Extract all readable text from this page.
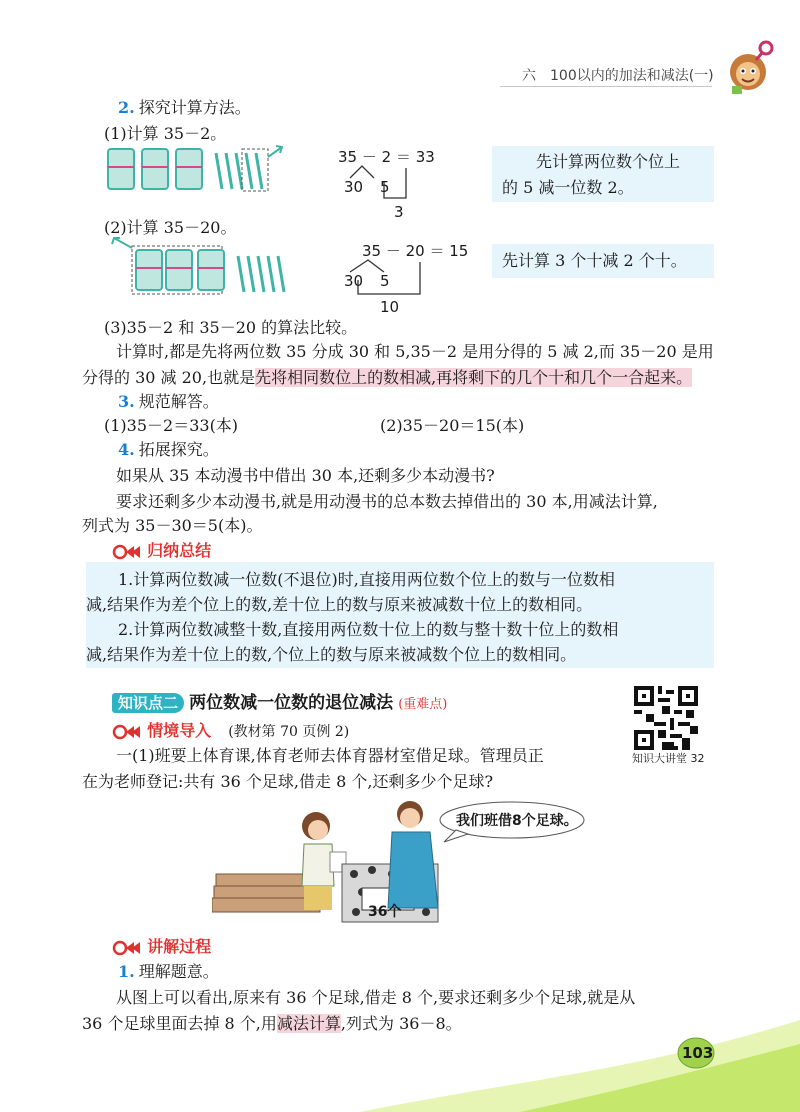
六　100以内的加法和减法(一)
2. 探究计算方法。
(1)计算 35－2。
35 － 2 ＝ 33
30 5
3
先计算两位数个位上
的 5 减一位数 2。
(2)计算 35－20。
35 － 20 ＝ 15
30 5
10
先计算 3 个十减 2 个十。
(3)35－2 和 35－20 的算法比较。
计算时,都是先将两位数 35 分成 30 和 5,35－2 是用分得的 5 减 2,而 35－20 是用
分得的 30 减 20,也就是先将相同数位上的数相减,再将剩下的几个十和几个一合起来。
3. 规范解答。
(1)35－2＝33(本)	(2)35－20＝15(本)
4. 拓展探究。
如果从 35 本动漫书中借出 30 本,还剩多少本动漫书?
要求还剩多少本动漫书,就是用动漫书的总本数去掉借出的 30 本,用减法计算,
列式为 35－30＝5(本)。
归纳总结
1.计算两位数减一位数(不退位)时,直接用两位数个位上的数与一位数相
减,结果作为差个位上的数,差十位上的数与原来被减数十位上的数相同。
2.计算两位数减整十数,直接用两位数十位上的数与整十数十位上的数相
减,结果作为差十位上的数,个位上的数与原来被减数个位上的数相同。
知识点二 两位数减一位数的退位减法 (重难点)
知识大讲堂 32
情境导入 (教材第 70 页例 2)
一(1)班要上体育课,体育老师去体育器材室借足球。管理员正
在为老师登记:共有 36 个足球,借走 8 个,还剩多少个足球?
我们班借8个足球。
36个
讲解过程
1. 理解题意。
从图上可以看出,原来有 36 个足球,借走 8 个,要求还剩多少个足球,就是从
36 个足球里面去掉 8 个,用减法计算,列式为 36－8。
103
